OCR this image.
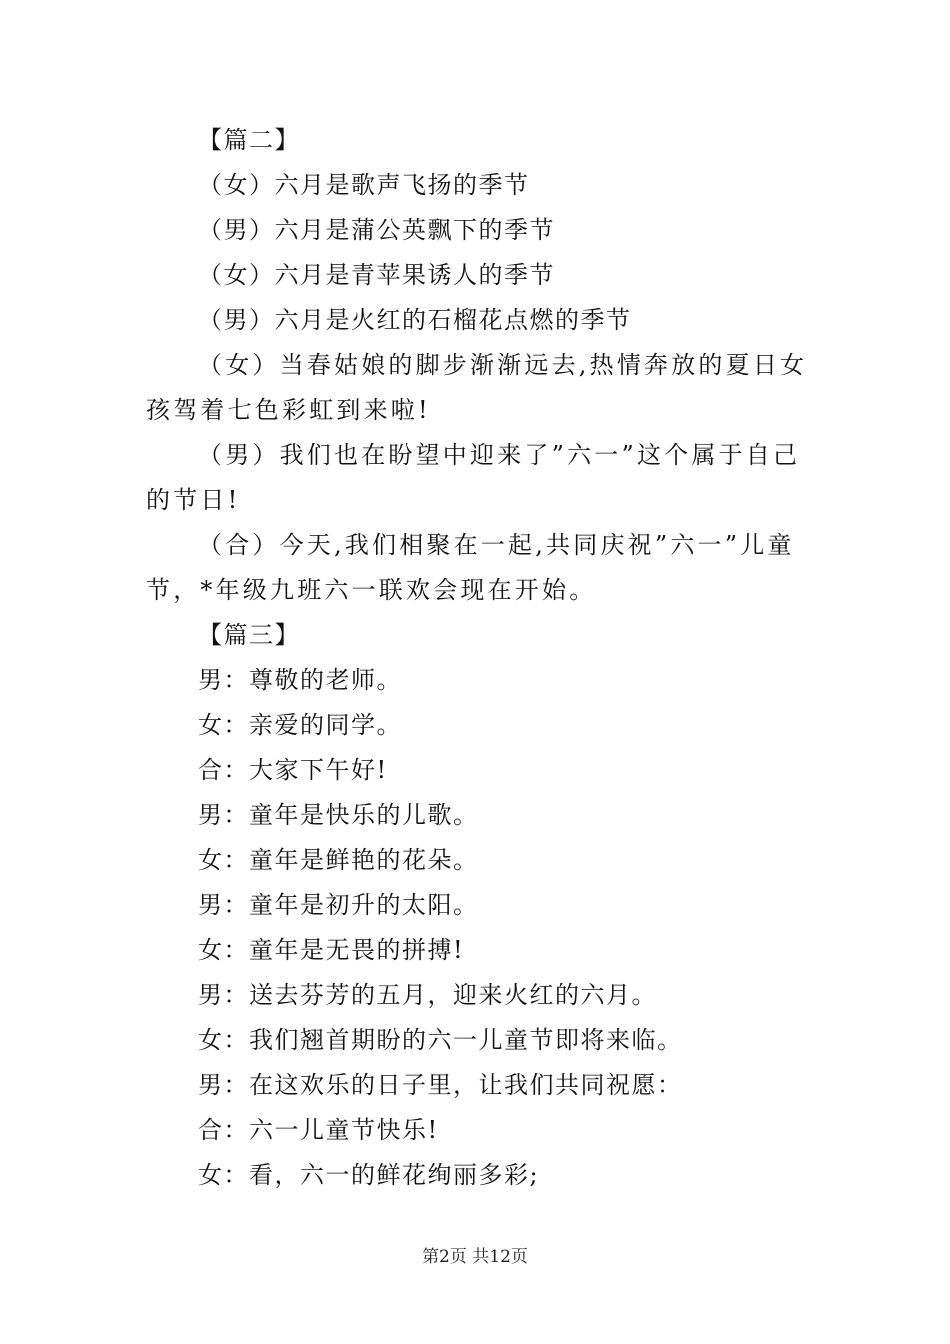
【篇二】
（女）六月是歌声飞扬的季节
（男）六月是蒲公英飘下的季节
（女）六月是青苹果诱人的季节
（男）六月是火红的石榴花点燃的季节

（女）当春姑娘的脚步渐渐远去,热情奔放的夏日女孩驾着七色彩虹到来啦!

（男）我们也在盼望中迎来了”六一”这个属于自己的节日!

（合）今天,我们相聚在一起,共同庆祝”六一”儿童节，*年级九班六一联欢会现在开始。

【篇三】
男：尊敬的老师。
女：亲爱的同学。
合：大家下午好!
男：童年是快乐的儿歌。
女：童年是鲜艳的花朵。
男：童年是初升的太阳。
女：童年是无畏的拼搏!
男：送去芬芳的五月，迎来火红的六月。
女：我们翘首期盼的六一儿童节即将来临。
男：在这欢乐的日子里，让我们共同祝愿：
合：六一儿童节快乐!
女：看，六一的鲜花绚丽多彩;
第2页 共12页
